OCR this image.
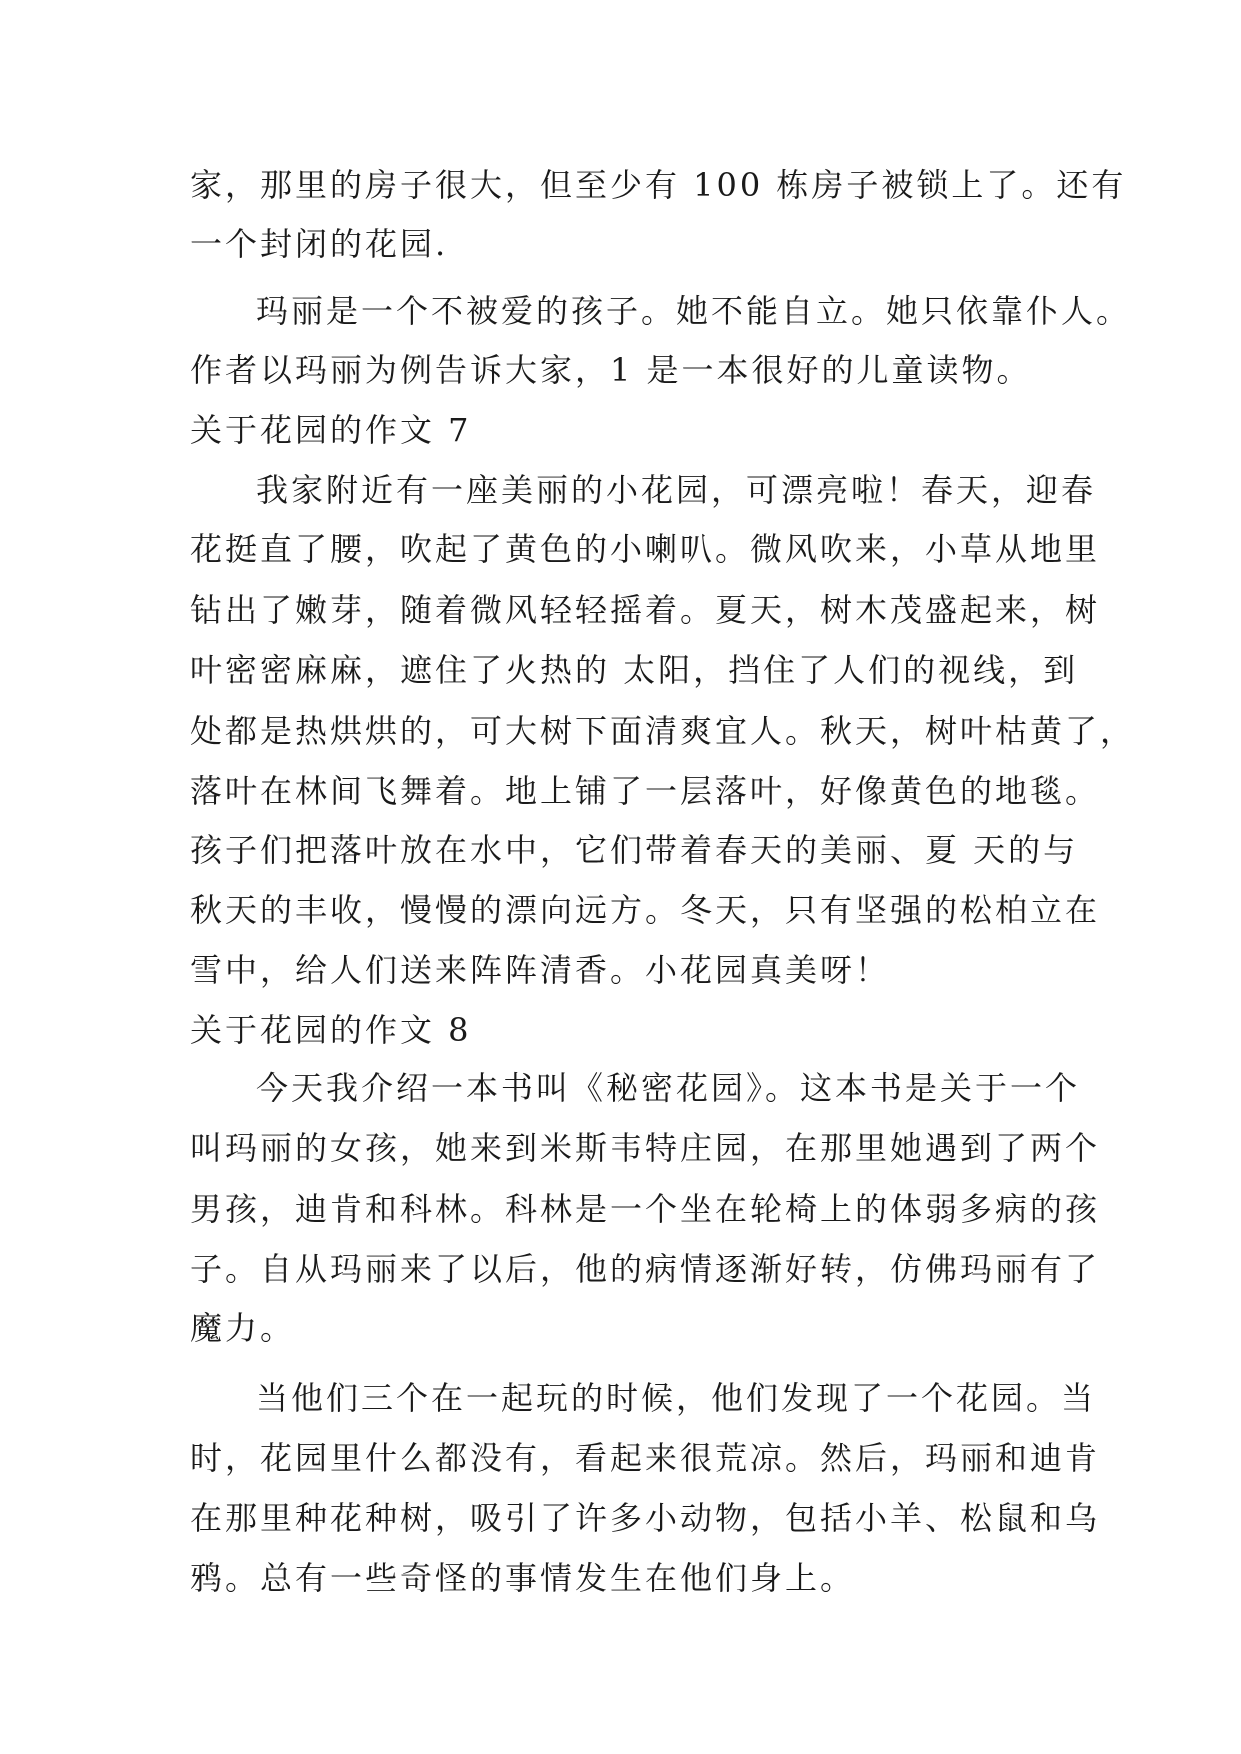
家，那里的房子很大，但至少有 100 栋房子被锁上了。还有
一个封闭的花园.
玛丽是一个不被爱的孩子。她不能自立。她只依靠仆人。
作者以玛丽为例告诉大家，1 是一本很好的儿童读物。
关于花园的作文 7
我家附近有一座美丽的小花园，可漂亮啦！春天，迎春
花挺直了腰，吹起了黄色的小喇叭。微风吹来，小草从地里
钻出了嫩芽，随着微风轻轻摇着。夏天，树木茂盛起来，树
叶密密麻麻，遮住了火热的 太阳，挡住了人们的视线，到
处都是热烘烘的，可大树下面清爽宜人。秋天，树叶枯黄了，
落叶在林间飞舞着。地上铺了一层落叶，好像黄色的地毯。
孩子们把落叶放在水中，它们带着春天的美丽、夏 天的与
秋天的丰收，慢慢的漂向远方。冬天，只有坚强的松柏立在
雪中，给人们送来阵阵清香。小花园真美呀！
关于花园的作文 8
今天我介绍一本书叫《秘密花园》。这本书是关于一个
叫玛丽的女孩，她来到米斯韦特庄园，在那里她遇到了两个
男孩，迪肯和科林。科林是一个坐在轮椅上的体弱多病的孩
子。自从玛丽来了以后，他的病情逐渐好转，仿佛玛丽有了
魔力。
当他们三个在一起玩的时候，他们发现了一个花园。当
时，花园里什么都没有，看起来很荒凉。然后，玛丽和迪肯
在那里种花种树，吸引了许多小动物，包括小羊、松鼠和乌
鸦。总有一些奇怪的事情发生在他们身上。
